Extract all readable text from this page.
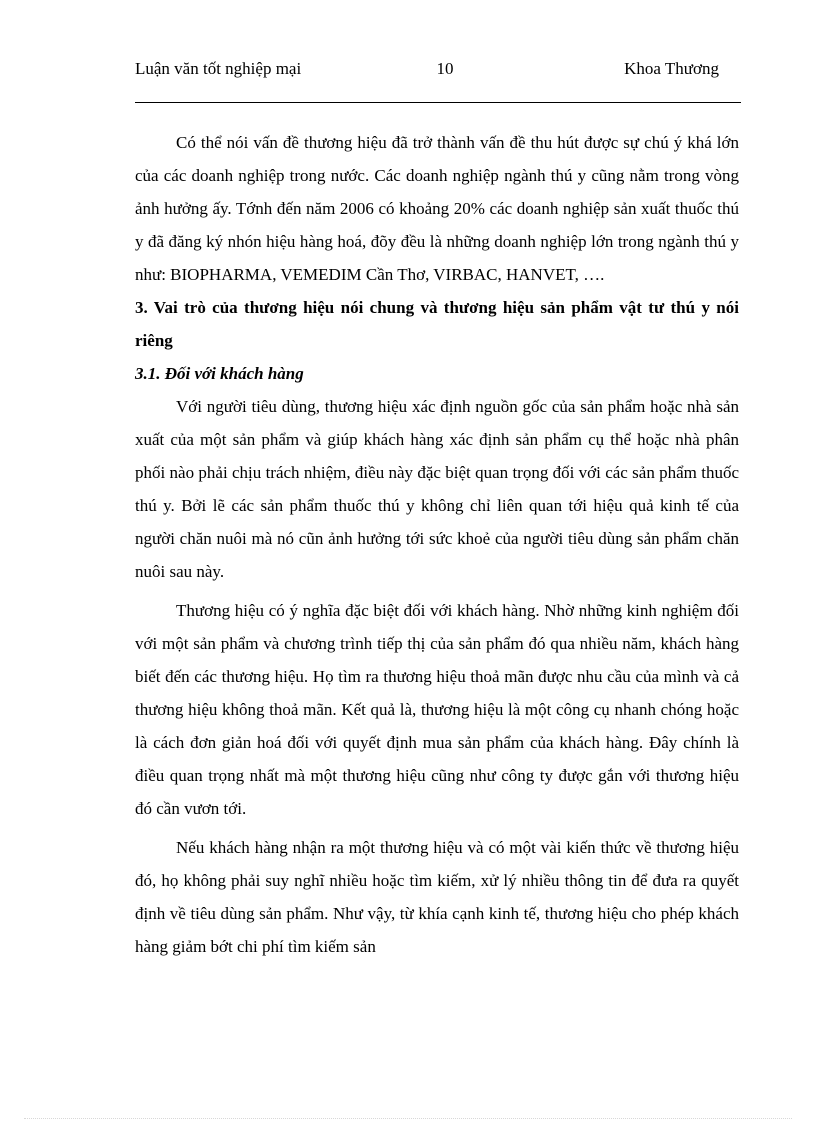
Luận văn tốt nghiệp mại	10	Khoa Thương

Có thể nói vấn đề thương hiệu đã trở thành vấn đề thu hút được sự chú ý khá lớn của các doanh nghiệp trong nước. Các doanh nghiệp ngành thú y cũng nằm trong vòng ảnh hưởng ấy. Tớnh đến năm 2006 có khoảng 20% các doanh nghiệp sản xuất thuốc thú y đã đăng ký nhón hiệu hàng hoá, đõy đều là những doanh nghiệp lớn trong ngành thú y như: BIOPHARMA, VEMEDIM Cần Thơ, VIRBAC, HANVET, ….

3. Vai trò của thương hiệu nói chung và thương hiệu sản phẩm vật tư thú y nói riêng
3.1. Đối với khách hàng

Với người tiêu dùng, thương hiệu xác định nguồn gốc của sản phẩm hoặc nhà sản xuất của một sản phẩm và giúp khách hàng xác định sản phẩm cụ thể hoặc nhà phân phối nào phải chịu trách nhiệm, điều này đặc biệt quan trọng đối với các sản phẩm thuốc thú y. Bởi lẽ các sản phẩm thuốc thú y không chỉ liên quan tới hiệu quả kinh tế của người chăn nuôi mà nó cũn ảnh hưởng tới sức khoẻ của người tiêu dùng sản phẩm chăn nuôi sau này.

Thương hiệu có ý nghĩa đặc biệt đối với khách hàng. Nhờ những kinh nghiệm đối với một sản phẩm và chương trình tiếp thị của sản phẩm đó qua nhiều năm, khách hàng biết đến các thương hiệu. Họ tìm ra thương hiệu thoả mãn được nhu cầu của mình và cả thương hiệu không thoả mãn. Kết quả là, thương hiệu là một công cụ nhanh chóng hoặc là cách đơn giản hoá đối với quyết định mua sản phẩm của khách hàng. Đây chính là điều quan trọng nhất mà một thương hiệu cũng như công ty được gắn với thương hiệu đó cần vươn tới.

Nếu khách hàng nhận ra một thương hiệu và có một vài kiến thức về thương hiệu đó, họ không phải suy nghĩ nhiều hoặc tìm kiếm, xử lý nhiều thông tin để đưa ra quyết định về tiêu dùng sản phẩm. Như vậy, từ khía cạnh kinh tế, thương hiệu cho phép khách hàng giảm bớt chi phí tìm kiếm sản
